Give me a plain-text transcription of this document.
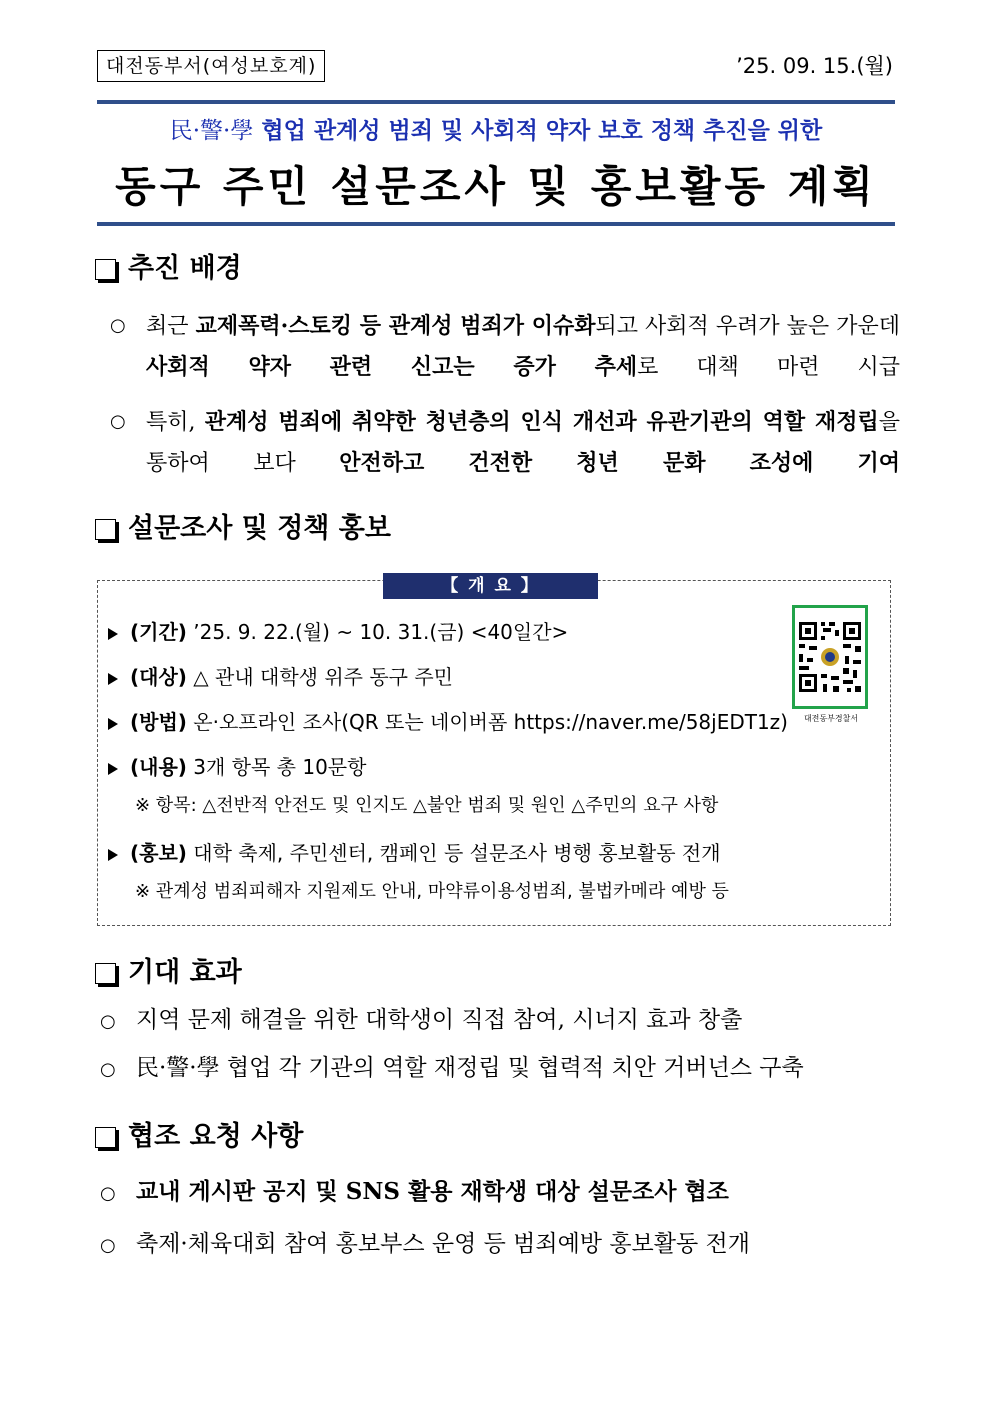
대전동부서(여성보호계)	’25. 09. 15.(월)
民·警·學 협업 관계성 범죄 및 사회적 약자 보호 정책 추진을 위한
동구 주민 설문조사 및 홍보활동 계획
추진 배경
○ 최근 교제폭력·스토킹 등 관계성 범죄가 이슈화되고 사회적 우려가 높은 가운데 사회적 약자 관련 신고는 증가 추세로 대책 마련 시급
○ 특히, 관계성 범죄에 취약한 청년층의 인식 개선과 유관기관의 역할 재정립을 통하여 보다 안전하고 건전한 청년 문화 조성에 기여
설문조사 및 정책 홍보
【 개 요 】
(기간) ’25. 9. 22.(월) ~ 10. 31.(금) <40일간>
(대상) △ 관내 대학생 위주 동구 주민
(방법) 온·오프라인 조사(QR 또는 네이버폼 https://naver.me/58jEDT1z)
(내용) 3개 항목 총 10문항
※ 항목: △전반적 안전도 및 인지도 △불안 범죄 및 원인 △주민의 요구 사항
(홍보) 대학 축제, 주민센터, 캠페인 등 설문조사 병행 홍보활동 전개
※ 관계성 범죄피해자 지원제도 안내, 마약류이용성범죄, 불법카메라 예방 등
대전동부경찰서
기대 효과
○ 지역 문제 해결을 위한 대학생이 직접 참여, 시너지 효과 창출
○ 民·警·學 협업 각 기관의 역할 재정립 및 협력적 치안 거버넌스 구축
협조 요청 사항
○ 교내 게시판 공지 및 SNS 활용 재학생 대상 설문조사 협조
○ 축제·체육대회 참여 홍보부스 운영 등 범죄예방 홍보활동 전개
